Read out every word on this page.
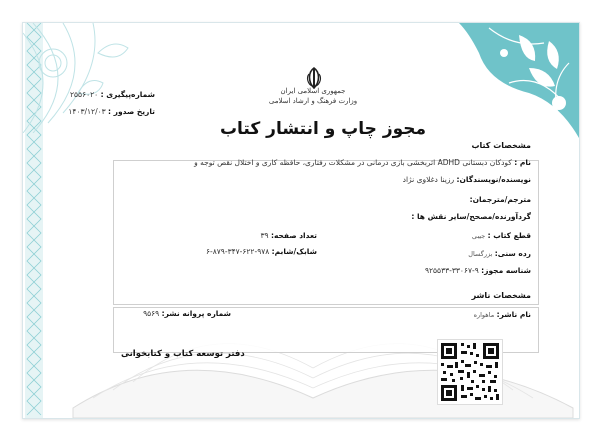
جمهوری اسلامی ایران
وزارت فرهنگ و ارشاد اسلامی
شماره‌پیگیری : ۲۵۵۶۰۲۰
تاریخ صدور : ۱۴۰۳/۱۲/۰۳
مجوز چاپ و انتشار کتاب
مشخصات کتاب
نام : کودکان دبستانی ADHD اثربخشی بازی درمانی در مشکلات رفتاری، حافظه کاری و اختلال نقص توجه و
نویسنده/نویسندگان: رزینا دغلاوی نژاد
مترجم/مترجمان:
گردآورنده/مصحح/سایر نقش ها :
قطع کتاب : جیبی
تعداد صفحه: ۳۹
رده سنی: بزرگسال
شابک/شابم: ۹۷۸-۶۲۲-۳۴۷-۸۷۹-۶
شناسه مجوز: ۹-۳۳۰۶۷-۹۲۵۵۳۳
مشخصات ناشر
نام ناشر: ماهواره
شماره پروانه نشر: ۹۵۶۹
دفتر توسعه کتاب و کتابخوانی
